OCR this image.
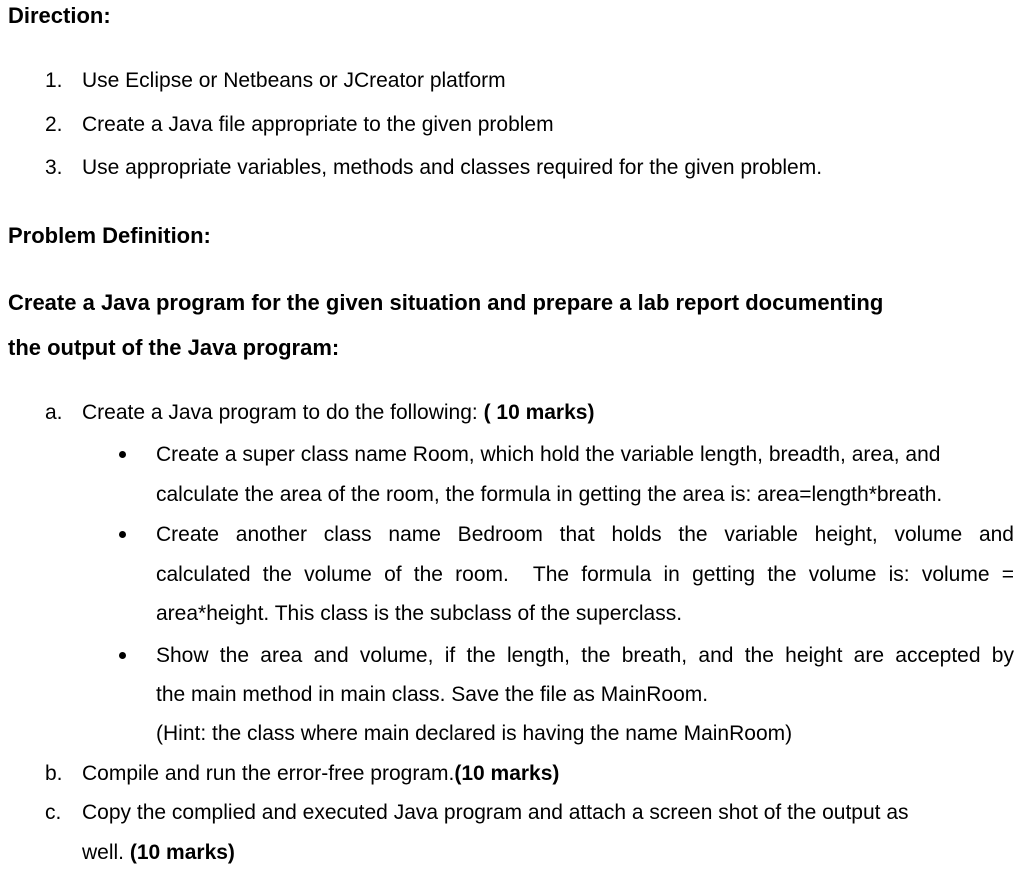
Direction:
1. Use Eclipse or Netbeans or JCreator platform
2. Create a Java file appropriate to the given problem
3. Use appropriate variables, methods and classes required for the given problem.
Problem Definition:
Create a Java program for the given situation and prepare a lab report documenting
the output of the Java program:
a. Create a Java program to do the following: ( 10 marks)
Create a super class name Room, which hold the variable length, breadth, area, and
calculate the area of the room, the formula in getting the area is: area=length*breath.
Create another class name Bedroom that holds the variable height, volume and
calculated the volume of the room.  The formula in getting the volume is: volume =
area*height. This class is the subclass of the superclass.
Show the area and volume, if the length, the breath, and the height are accepted by
the main method in main class. Save the file as MainRoom.
(Hint: the class where main declared is having the name MainRoom)
b. Compile and run the error-free program.(10 marks)
c. Copy the complied and executed Java program and attach a screen shot of the output as
well. (10 marks)
